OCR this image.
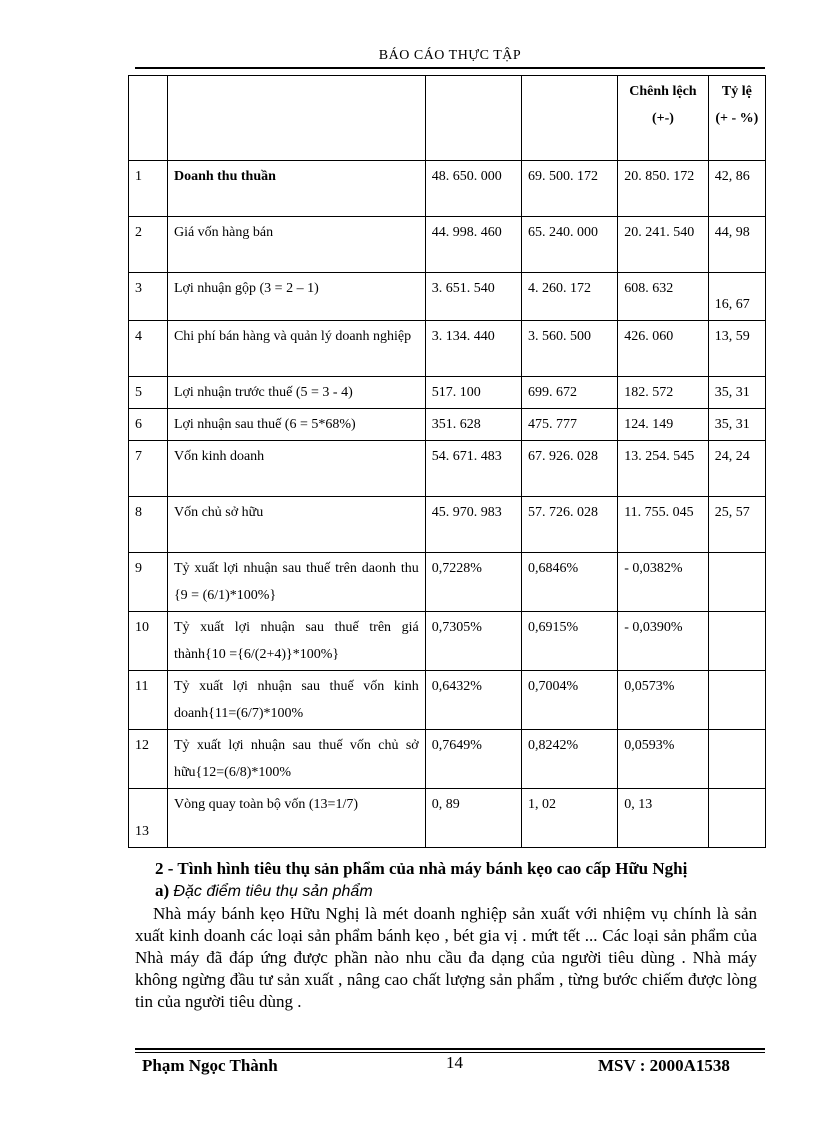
BÁO CÁO THỰC TẬP
				Chênh lệch (+-)	Tỷ lệ (+ - %)
1	Doanh thu thuần	48. 650. 000	69. 500. 172	20. 850. 172	42, 86
2	Giá vốn hàng bán	44. 998. 460	65. 240. 000	20. 241. 540	44, 98
3	Lợi nhuận gộp (3 = 2 – 1)	3. 651. 540	4. 260. 172	608. 632	16, 67
4	Chi phí bán hàng và quản lý doanh nghiệp	3. 134. 440	3. 560. 500	426. 060	13, 59
5	Lợi nhuận trước thuế (5 = 3 - 4)	517. 100	699. 672	182. 572	35, 31
6	Lợi nhuận sau thuế (6 = 5*68%)	351. 628	475. 777	124. 149	35, 31
7	Vốn kinh doanh	54. 671. 483	67. 926. 028	13. 254. 545	24, 24
8	Vốn chủ sở hữu	45. 970. 983	57. 726. 028	11. 755. 045	25, 57
9	Tỷ xuất lợi nhuận sau thuế trên daonh thu {9 = (6/1)*100%}	0,7228%	0,6846%	- 0,0382%	
10	Tỷ xuất lợi nhuận sau thuế trên giá thành{10 ={6/(2+4)}*100%}	0,7305%	0,6915%	- 0,0390%	
11	Tỷ xuất lợi nhuận sau thuế vốn kinh doanh{11=(6/7)*100%	0,6432%	0,7004%	0,0573%	
12	Tỷ xuất lợi nhuận sau thuế vốn chủ sở hữu{12=(6/8)*100%	0,7649%	0,8242%	0,0593%	
13	Vòng quay toàn bộ vốn (13=1/7)	0, 89	1, 02	0, 13	
2 - Tình hình tiêu thụ sản phẩm của nhà máy bánh kẹo cao cấp Hữu Nghị
a) Đặc điểm tiêu thụ sản phẩm
Nhà máy bánh kẹo Hữu Nghị là mét doanh nghiệp sản xuất với nhiệm vụ chính là sản xuất kinh doanh các loại sản phẩm bánh kẹo , bét gia vị . mứt tết ... Các loại sản phẩm của Nhà máy đã đáp ứng được phần nào nhu cầu đa dạng của người tiêu dùng . Nhà máy không ngừng đầu tư sản xuất , nâng cao chất lượng sản phẩm , từng bước chiếm được lòng tin của người tiêu dùng .
Phạm Ngọc Thành	14	MSV : 2000A1538
